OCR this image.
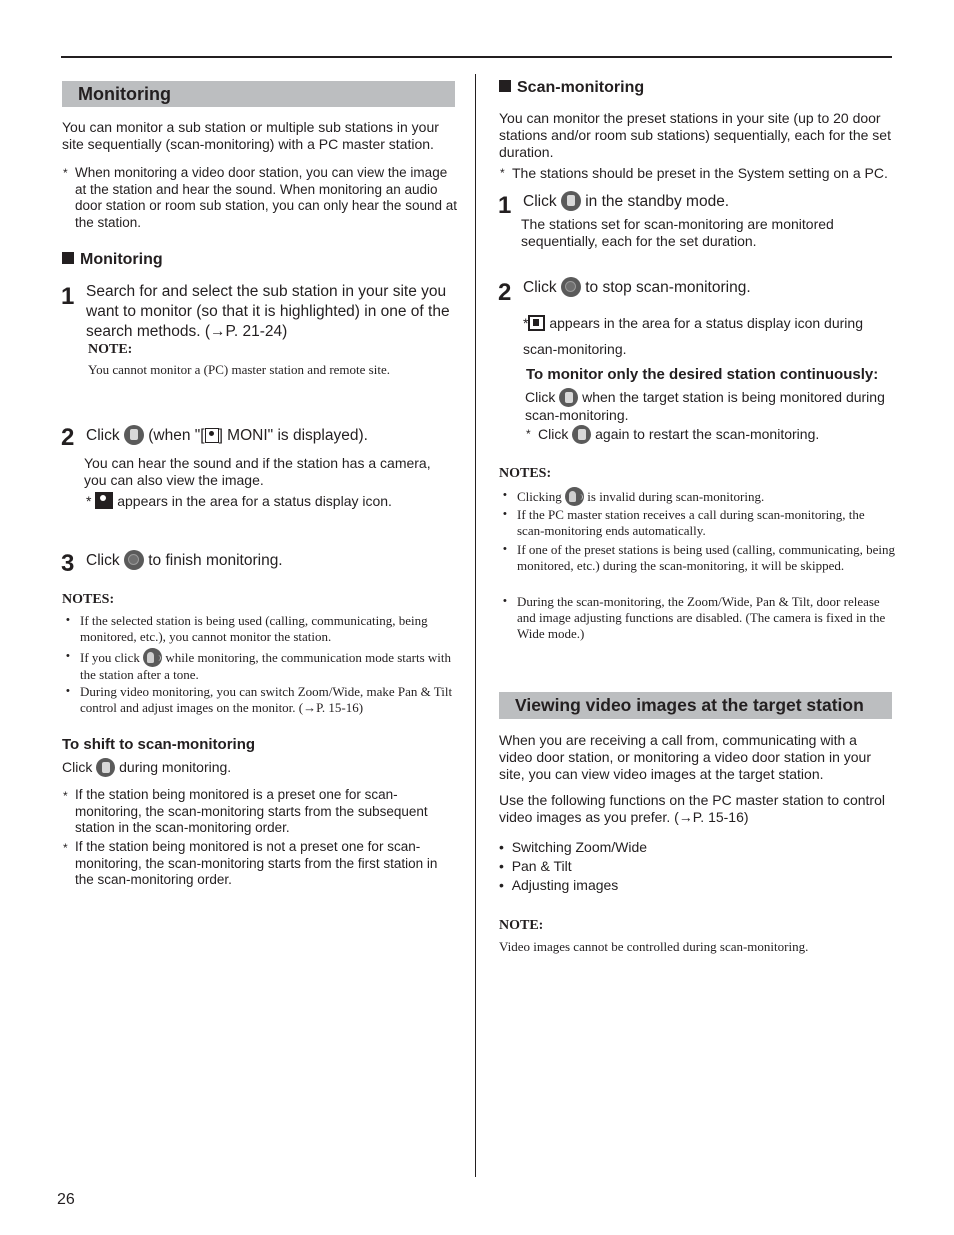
Monitoring
You can monitor a sub station or multiple sub stations in your site sequentially (scan-monitoring) with a PC master station.
* When monitoring a video door station, you can view the image at the station and hear the sound. When monitoring an audio door station or room sub station, you can only hear the sound at the station.
Monitoring
1 Search for and select the sub station in your site you want to monitor (so that it is highlighted) in one of the search methods. (→P. 21-24)
NOTE:
You cannot monitor a (PC) master station and remote site.
2 Click (when "[ ] MONI" is displayed).
You can hear the sound and if the station has a camera, you can also view the image.
* appears in the area for a status display icon.
3 Click to finish monitoring.
NOTES:
• If the selected station is being used (calling, communicating, being monitored, etc.), you cannot monitor the station.
• If you click while monitoring, the communication mode starts with the station after a tone.
• During video monitoring, you can switch Zoom/Wide, make Pan & Tilt control and adjust images on the monitor. (→P. 15-16)
To shift to scan-monitoring
Click during monitoring.
* If the station being monitored is a preset one for scan-monitoring, the scan-monitoring starts from the subsequent station in the scan-monitoring order.
* If the station being monitored is not a preset one for scan-monitoring, the scan-monitoring starts from the first station in the scan-monitoring order.
Scan-monitoring
You can monitor the preset stations in your site (up to 20 door stations and/or room sub stations) sequentially, each for the set duration.
* The stations should be preset in the System setting on a PC.
1 Click in the standby mode.
The stations set for scan-monitoring are monitored sequentially, each for the set duration.
2 Click to stop scan-monitoring.
* appears in the area for a status display icon during scan-monitoring.
To monitor only the desired station continuously:
Click when the target station is being monitored during scan-monitoring.
* Click again to restart the scan-monitoring.
NOTES:
• Clicking is invalid during scan-monitoring.
• If the PC master station receives a call during scan-monitoring, the scan-monitoring ends automatically.
• If one of the preset stations is being used (calling, communicating, being monitored, etc.) during the scan-monitoring, it will be skipped.
• During the scan-monitoring, the Zoom/Wide, Pan & Tilt, door release and image adjusting functions are disabled. (The camera is fixed in the Wide mode.)
Viewing video images at the target station
When you are receiving a call from, communicating with a video door station, or monitoring a video door station in your site, you can view video images at the target station.
Use the following functions on the PC master station to control video images as you prefer. (→P. 15-16)
•  Switching Zoom/Wide
•  Pan & Tilt
•  Adjusting images
NOTE:
Video images cannot be controlled during scan-monitoring.
26
